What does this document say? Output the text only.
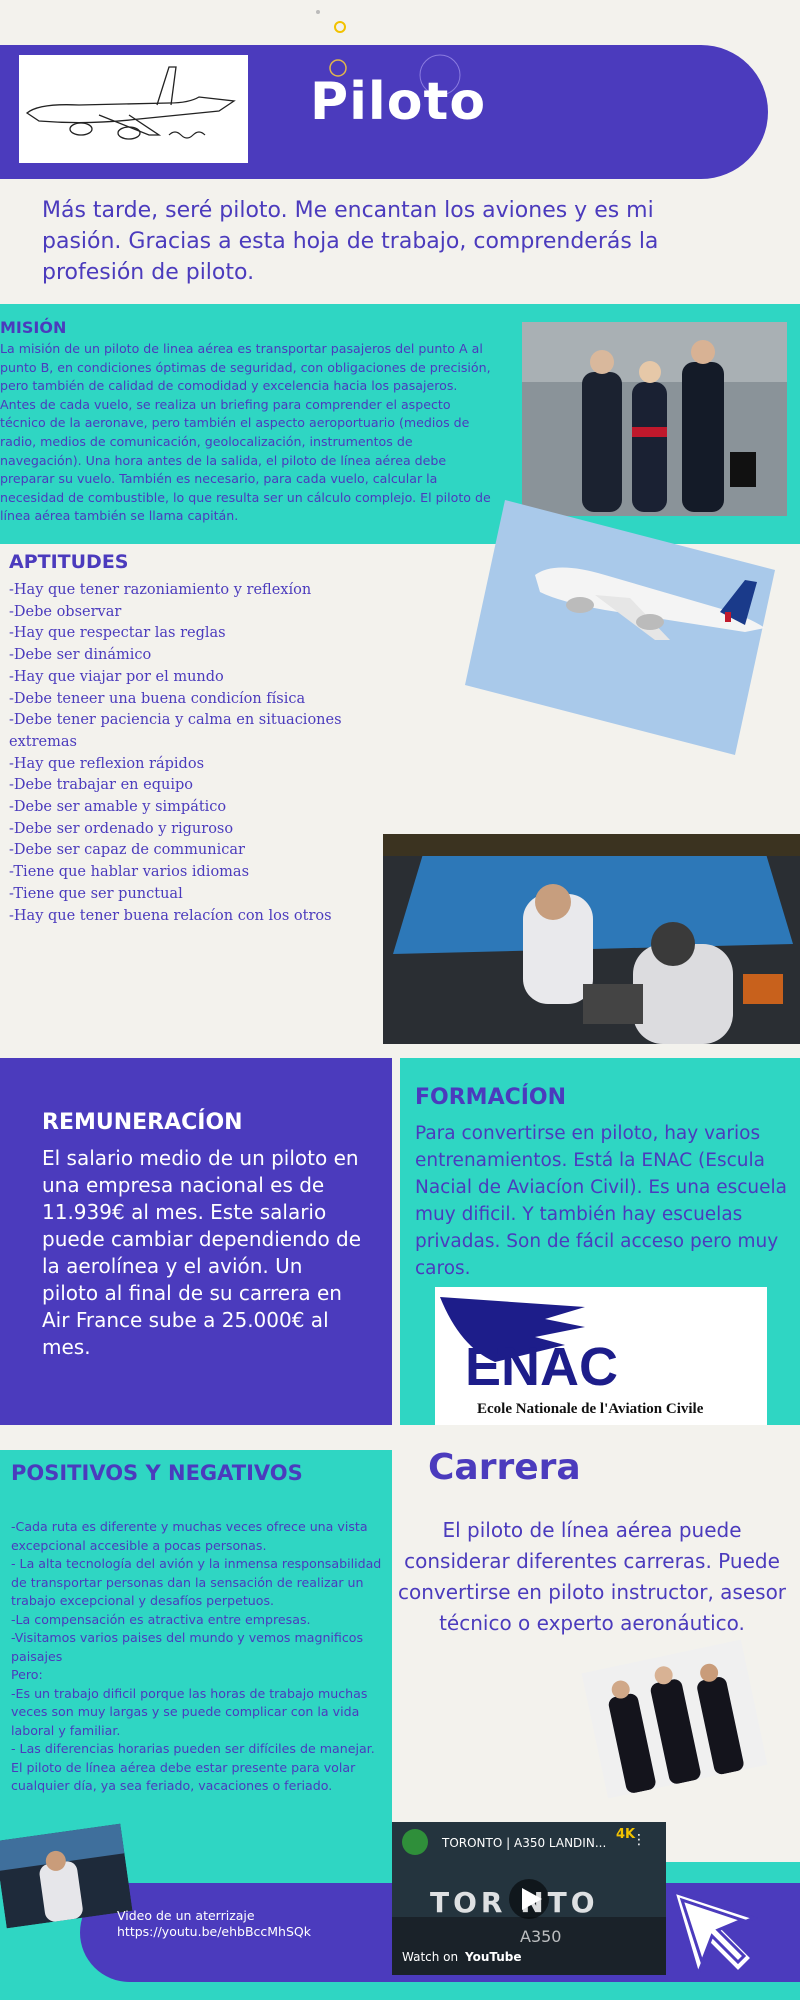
Piloto
Más tarde, seré piloto. Me encantan los aviones y es mi pasión. Gracias a esta hoja de trabajo, comprenderás la profesión de piloto.
MISIÓN
La misión de un piloto de linea aérea es transportar pasajeros del punto A al punto B, en condiciones óptimas de seguridad, con obligaciones de precisión, pero también de calidad de comodidad y excelencia hacia los pasajeros. Antes de cada vuelo, se realiza un briefing para comprender el aspecto técnico de la aeronave, pero también el aspecto aeroportuario (medios de radio, medios de comunicación, geolocalización, instrumentos de navegación). Una hora antes de la salida, el piloto de línea aérea debe preparar su vuelo. También es necesario, para cada vuelo, calcular la necesidad de combustible, lo que resulta ser un cálculo complejo. El piloto de línea aérea también se llama capitán.
APTITUDES
-Hay que tener razoniamiento y reflexíon
-Debe observar
-Hay que respectar las reglas
-Debe ser dinámico
-Hay que viajar por el mundo
-Debe teneer una buena condicíon física
-Debe tener paciencia y calma en situaciones extremas
-Hay que reflexion rápidos
-Debe trabajar en equipo
-Debe ser amable y simpático
-Debe ser ordenado y riguroso
-Debe ser capaz de communicar
-Tiene que hablar varios idiomas
-Tiene que ser punctual
-Hay que tener buena relacíon con los otros
REMUNERACÍON
El salario medio de un piloto en una empresa nacional es de 11.939€ al mes. Este salario puede cambiar dependiendo de la aerolínea y el avión. Un piloto al final de su carrera en Air France sube a 25.000€ al mes.
FORMACÍON
Para convertirse en piloto, hay varios entrenamientos. Está la ENAC (Escula Nacial de Aviacíon Civil). Es una escuela muy dificil. Y también hay escuelas privadas. Son de fácil acceso pero muy caros.
ENAC
Ecole Nationale de l'Aviation Civile
POSITIVOS Y NEGATIVOS
-Cada ruta es diferente y muchas veces ofrece una vista excepcional accesible a pocas personas.
- La alta tecnología del avión y la inmensa responsabilidad de transportar personas dan la sensación de realizar un trabajo excepcional y desafíos perpetuos.
-La compensación es atractiva entre empresas.
-Visitamos varios paises del mundo y vemos magnificos paisajes
Pero:
-Es un trabajo dificil porque las horas de trabajo muchas veces son muy largas y se puede complicar con la vida laboral y familiar.
- Las diferencias horarias pueden ser difíciles de manejar. El piloto de línea aérea debe estar presente para volar cualquier día, ya sea feriado, vacaciones o feriado.
Carrera
El piloto de línea aérea puede considerar diferentes carreras. Puede convertirse en piloto instructor, asesor técnico o experto aeronáutico.
Video de un aterrizaje
https://youtu.be/ehbBccMhSQk
4K
TORONTO | A350 LANDIN...
TOR NTO
A350
Watch on YouTube
⋮
